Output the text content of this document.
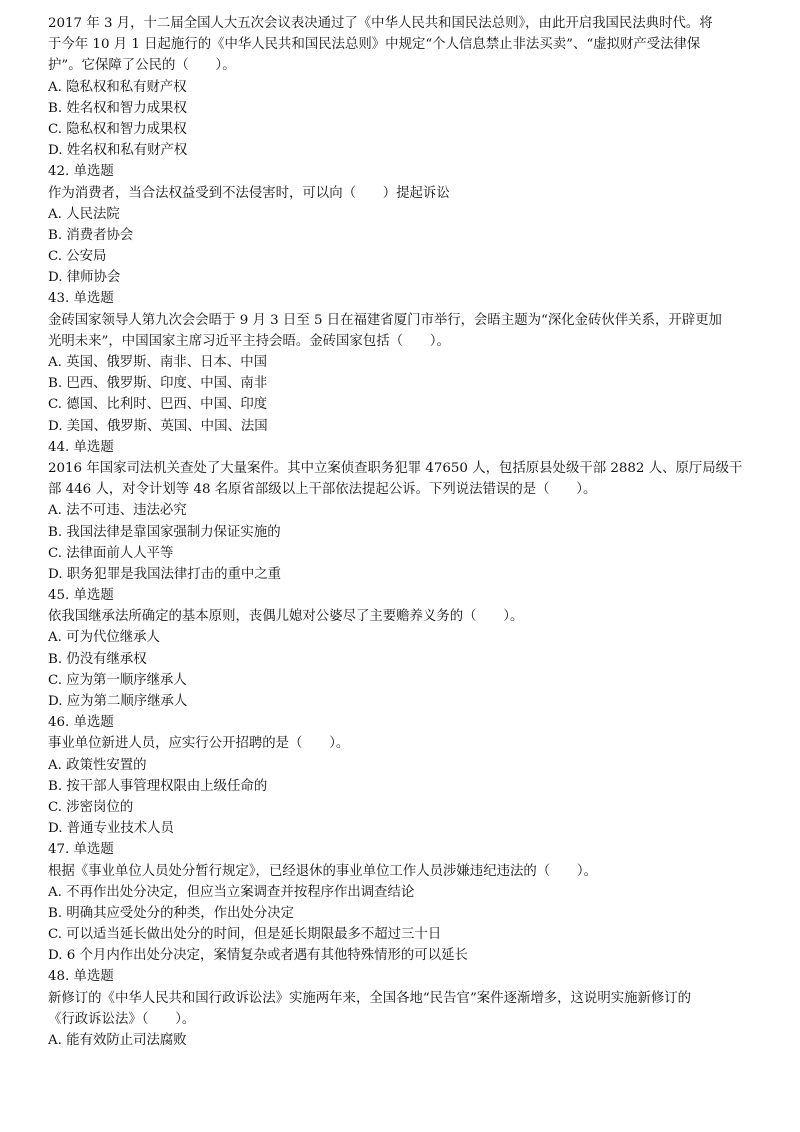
2017 年 3 月，十二届全国人大五次会议表决通过了《中华人民共和国民法总则》，由此开启我国民法典时代。将
于今年 10 月 1 日起施行的《中华人民共和国民法总则》中规定“个人信息禁止非法买卖”、“虚拟财产受法律保
护”。它保障了公民的（　　）。
A. 隐私权和私有财产权
B. 姓名权和智力成果权
C. 隐私权和智力成果权
D. 姓名权和私有财产权
42. 单选题
作为消费者，当合法权益受到不法侵害时，可以向（　　）提起诉讼
A. 人民法院
B. 消费者协会
C. 公安局
D. 律师协会
43. 单选题
金砖国家领导人第九次会会晤于 9 月 3 日至 5 日在福建省厦门市举行，会晤主题为“深化金砖伙伴关系，开辟更加
光明未来”，中国国家主席习近平主持会晤。金砖国家包括（　　）。
A. 英国、俄罗斯、南非、日本、中国
B. 巴西、俄罗斯、印度、中国、南非
C. 德国、比利时、巴西、中国、印度
D. 美国、俄罗斯、英国、中国、法国
44. 单选题
2016 年国家司法机关查处了大量案件。其中立案侦查职务犯罪 47650 人，包括原县处级干部 2882 人、原厅局级干
部 446 人，对令计划等 48 名原省部级以上干部依法提起公诉。下列说法错误的是（　　）。
A. 法不可违、违法必究
B. 我国法律是靠国家强制力保证实施的
C. 法律面前人人平等
D. 职务犯罪是我国法律打击的重中之重
45. 单选题
依我国继承法所确定的基本原则，丧偶儿媳对公婆尽了主要赡养义务的（　　）。
A. 可为代位继承人
B. 仍没有继承权
C. 应为第一顺序继承人
D. 应为第二顺序继承人
46. 单选题
事业单位新进人员，应实行公开招聘的是（　　）。
A. 政策性安置的
B. 按干部人事管理权限由上级任命的
C. 涉密岗位的
D. 普通专业技术人员
47. 单选题
根据《事业单位人员处分暂行规定》，已经退休的事业单位工作人员涉嫌违纪违法的（　　）。
A. 不再作出处分决定，但应当立案调查并按程序作出调查结论
B. 明确其应受处分的种类，作出处分决定
C. 可以适当延长做出处分的时间，但是延长期限最多不超过三十日
D. 6 个月内作出处分决定，案情复杂或者遇有其他特殊情形的可以延长
48. 单选题
新修订的《中华人民共和国行政诉讼法》实施两年来，全国各地“民告官”案件逐渐增多，这说明实施新修订的
《行政诉讼法》（　　）。
A. 能有效防止司法腐败
